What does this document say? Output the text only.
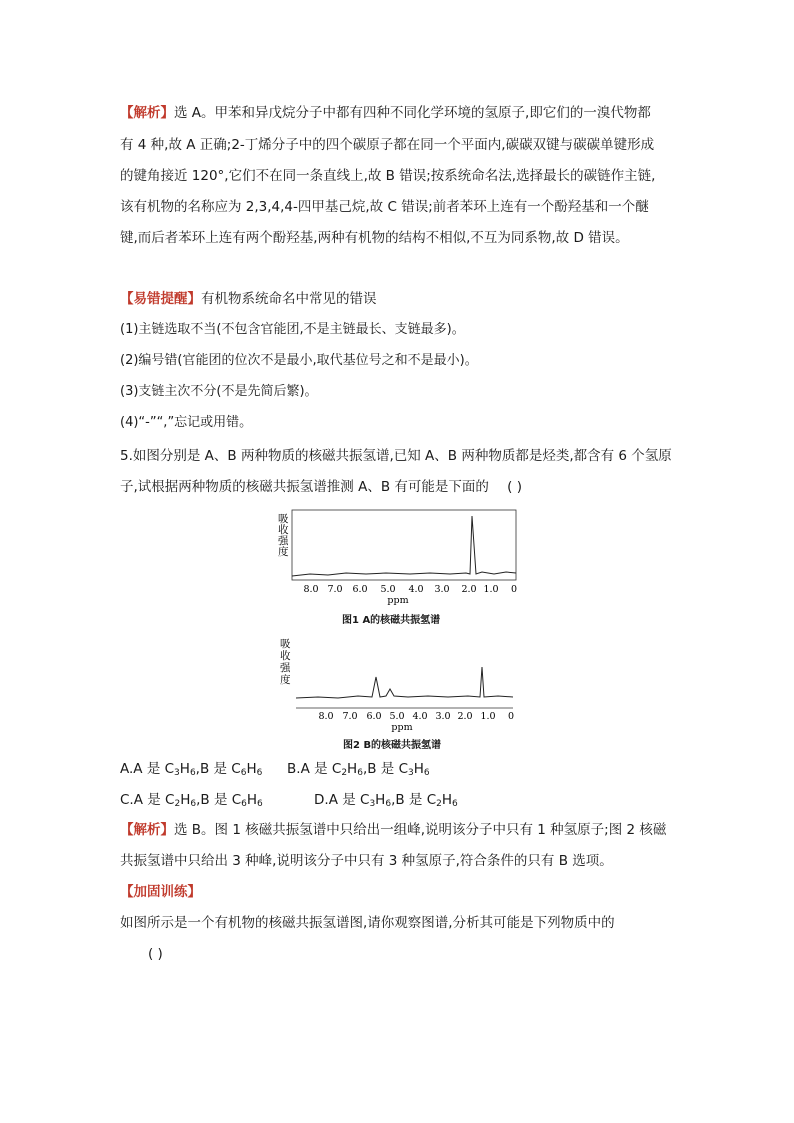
【解析】选 A。甲苯和异戊烷分子中都有四种不同化学环境的氢原子,即它们的一溴代物都
有 4 种,故 A 正确;2-丁烯分子中的四个碳原子都在同一个平面内,碳碳双键与碳碳单键形成
的键角接近 120°,它们不在同一条直线上,故 B 错误;按系统命名法,选择最长的碳链作主链,
该有机物的名称应为 2,3,4,4-四甲基己烷,故 C 错误;前者苯环上连有一个酚羟基和一个醚
键,而后者苯环上连有两个酚羟基,两种有机物的结构不相似,不互为同系物,故 D 错误。
【易错提醒】有机物系统命名中常见的错误
(1)主链选取不当(不包含官能团,不是主链最长、支链最多)。
(2)编号错(官能团的位次不是最小,取代基位号之和不是最小)。
(3)支链主次不分(不是先简后繁)。
(4)“-”“,”忘记或用错。
5.如图分别是 A、B 两种物质的核磁共振氢谱,已知 A、B 两种物质都是烃类,都含有 6 个氢原
子,试根据两种物质的核磁共振氢谱推测 A、B 有可能是下面的 ( )
吸
收
强
度
8.0 7.0 6.0 5.0 4.0 3.0 2.0 1.0 0
ppm
图1 A的核磁共振氢谱
吸
收
强
度
8.0 7.0 6.0 5.0 4.0 3.0 2.0 1.0 0
ppm
图2 B的核磁共振氢谱
A.A 是 $C_3H_6,B$ 是 $C_6H_6$ B.A 是 $C_2H_6,B$ 是 $C_3H_6$
C.A 是 $C_2H_6,B$ 是 $C_6H_6$	D.A 是 $C_3H_6,B$ 是 $C_2H_6$
【解析】选 B。图 1 核磁共振氢谱中只给出一组峰,说明该分子中只有 1 种氢原子;图 2 核磁
共振氢谱中只给出 3 种峰,说明该分子中只有 3 种氢原子,符合条件的只有 B 选项。
【加固训练】
如图所示是一个有机物的核磁共振氢谱图,请你观察图谱,分析其可能是下列物质中的
( )
